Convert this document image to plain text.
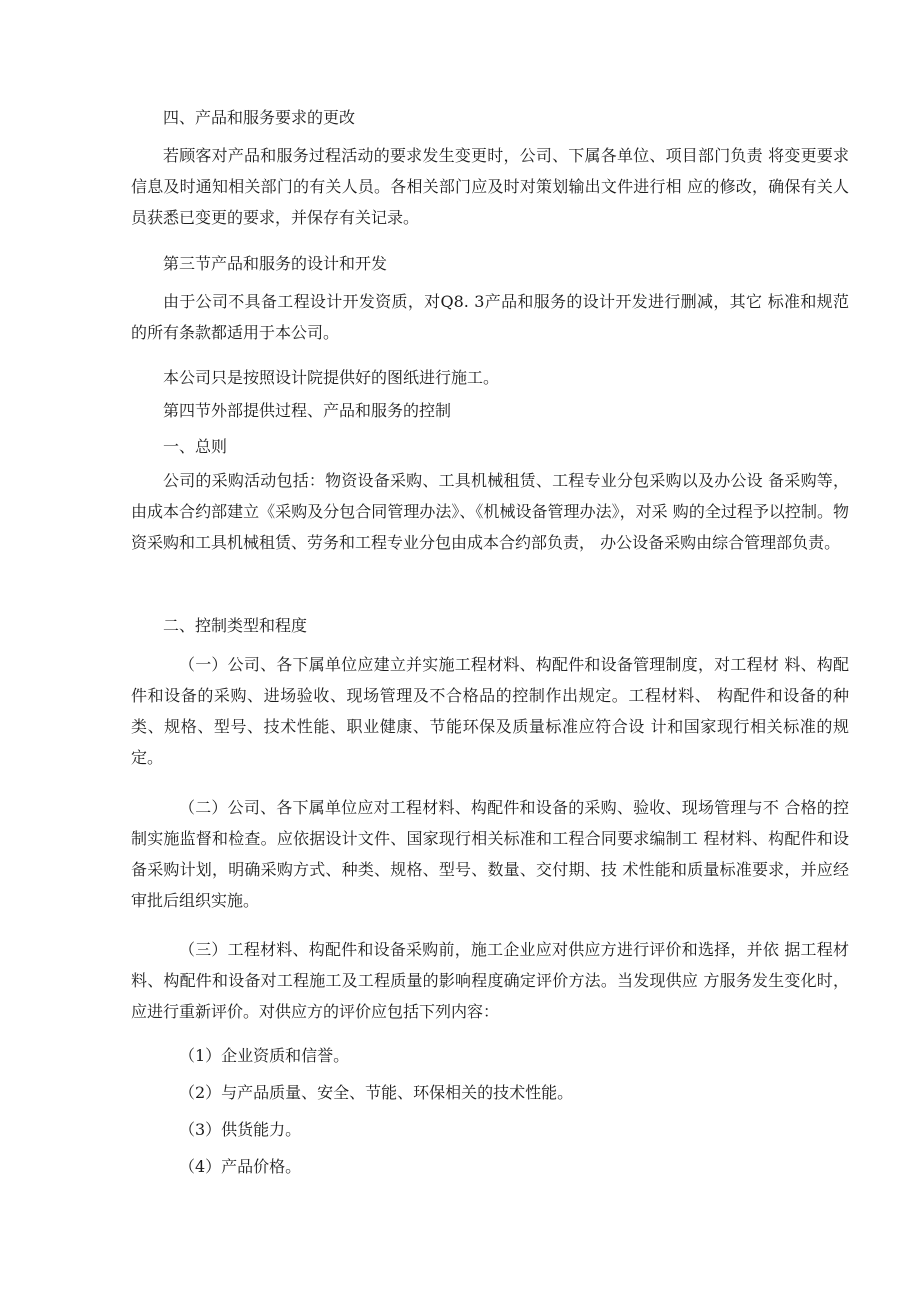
四、产品和服务要求的更改

若顾客对产品和服务过程活动的要求发生变更时，公司、下属各单位、项目部门负责 将变更要求信息及时通知相关部门的有关人员。各相关部门应及时对策划输出文件进行相 应的修改，确保有关人员获悉已变更的要求，并保存有关记录。

第三节产品和服务的设计和开发

由于公司不具备工程设计开发资质，对Q8. 3产品和服务的设计开发进行删减，其它 标准和规范的所有条款都适用于本公司。

本公司只是按照设计院提供好的图纸进行施工。

第四节外部提供过程、产品和服务的控制

一、总则

公司的采购活动包括：物资设备采购、工具机械租赁、工程专业分包采购以及办公设 备采购等，由成本合约部建立《采购及分包合同管理办法》、《机械设备管理办法》，对采 购的全过程予以控制。物资采购和工具机械租赁、劳务和工程专业分包由成本合约部负责， 办公设备采购由综合管理部负责。

二、控制类型和程度

（一）公司、各下属单位应建立并实施工程材料、构配件和设备管理制度，对工程材 料、构配件和设备的采购、进场验收、现场管理及不合格品的控制作出规定。工程材料、 构配件和设备的种类、规格、型号、技术性能、职业健康、节能环保及质量标准应符合设 计和国家现行相关标准的规定。

（二）公司、各下属单位应对工程材料、构配件和设备的采购、验收、现场管理与不 合格的控制实施监督和检查。应依据设计文件、国家现行相关标准和工程合同要求编制工 程材料、构配件和设备采购计划，明确采购方式、种类、规格、型号、数量、交付期、技 术性能和质量标准要求，并应经审批后组织实施。

（三）工程材料、构配件和设备采购前，施工企业应对供应方进行评价和选择，并依 据工程材料、构配件和设备对工程施工及工程质量的影响程度确定评价方法。当发现供应 方服务发生变化时，应进行重新评价。对供应方的评价应包括下列内容：

（1）企业资质和信誉。

（2）与产品质量、安全、节能、环保相关的技术性能。

（3）供货能力。

（4）产品价格。
